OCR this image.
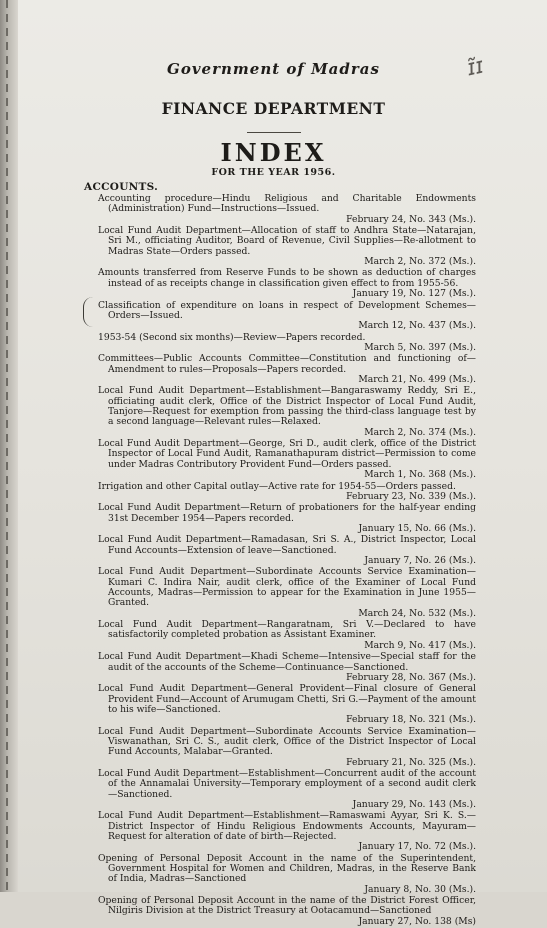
ɪ̃ɪ
Government of Madras
FINANCE DEPARTMENT
INDEX
FOR THE YEAR 1956.
ACCOUNTS.
Accounting procedure—Hindu Religious and Charitable Endowments (Administration) Fund—Instructions—Issued.
February 24, No. 343 (Ms.).
Local Fund Audit Department—Allocation of staff to Andhra State—Natarajan, Sri M., officiating Auditor, Board of Revenue, Civil Supplies—Re-allotment to Madras State—Orders passed.
March 2, No. 372 (Ms.).
Amounts transferred from Reserve Funds to be shown as deduction of charges instead of as receipts change in classification given effect to from 1955-56.
January 19, No. 127 (Ms.).
Classification of expenditure on loans in respect of Development Schemes—Orders—Issued.
March 12, No. 437 (Ms.).
1953-54 (Second six months)—Review—Papers recorded.
March 5, No. 397 (Ms.).
Committees—Public Accounts Committee—Constitution and functioning of—Amendment to rules—Proposals—Papers recorded.
March 21, No. 499 (Ms.).
Local Fund Audit Department—Establishment—Bangaraswamy Reddy, Sri E., officiating audit clerk, Office of the District Inspector of Local Fund Audit, Tanjore—Request for exemption from passing the third-class language test by a second language—Relevant rules—Relaxed.
March 2, No. 374 (Ms.).
Local Fund Audit Department—George, Sri D., audit clerk, office of the District Inspector of Local Fund Audit, Ramanathapuram district—Permission to come under Madras Contributory Provident Fund—Orders passed.
March 1, No. 368 (Ms.).
Irrigation and other Capital outlay—Active rate for 1954-55—Orders passed.
February 23, No. 339 (Ms.).
Local Fund Audit Department—Return of probationers for the half-year ending 31st December 1954—Papers recorded.
January 15, No. 66 (Ms.).
Local Fund Audit Department—Ramadasan, Sri S. A., District Inspector, Local Fund Accounts—Extension of leave—Sanctioned.
January 7, No. 26 (Ms.).
Local Fund Audit Department—Subordinate Accounts Service Examination—Kumari C. Indira Nair, audit clerk, office of the Examiner of Local Fund Accounts, Madras—Permission to appear for the Examination in June 1955—Granted.
March 24, No. 532 (Ms.).
Local Fund Audit Department—Rangaratnam, Sri V.—Declared to have satisfactorily completed probation as Assistant Examiner.
March 9, No. 417 (Ms.).
Local Fund Audit Department—Khadi Scheme—Intensive—Special staff for the audit of the accounts of the Scheme—Continuance—Sanctioned.
February 28, No. 367 (Ms.).
Local Fund Audit Department—General Provident—Final closure of General Provident Fund—Account of Arumugam Chetti, Sri G.—Payment of the amount to his wife—Sanctioned.
February 18, No. 321 (Ms.).
Local Fund Audit Department—Subordinate Accounts Service Examination—Viswanathan, Sri C. S., audit clerk, Office of the District Inspector of Local Fund Accounts, Malabar—Granted.
February 21, No. 325 (Ms.).
Local Fund Audit Department—Establishment—Concurrent audit of the account of the Annamalai University—Temporary employment of a second audit clerk—Sanctioned.
January 29, No. 143 (Ms.).
Local Fund Audit Department—Establishment—Ramaswami Ayyar, Sri K. S.—District Inspector of Hindu Religious Endowments Accounts, Mayuram—Request for alteration of date of birth—Rejected.
January 17, No. 72 (Ms.).
Opening of Personal Deposit Account in the name of the Superintendent, Government Hospital for Women and Children, Madras, in the Reserve Bank of India, Madras—Sanctioned
January 8, No. 30 (Ms.).
Opening of Personal Deposit Account in the name of the District Forest Officer, Nilgiris Division at the District Treasury at Ootacamund—Sanctioned
January 27, No. 138 (Ms)
